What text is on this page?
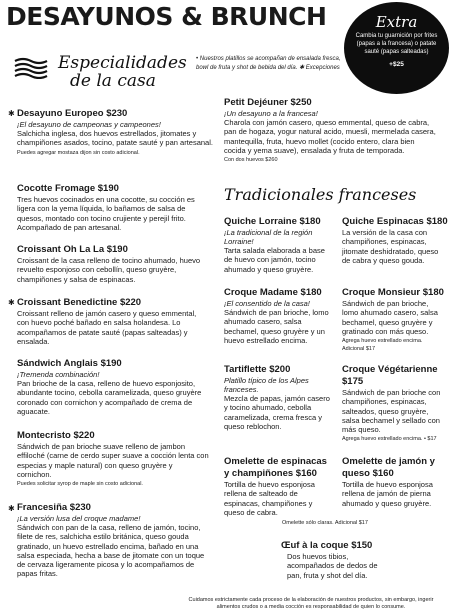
DESAYUNOS & BRUNCH
Especialidades
de la casa
• Nuestros platillos se acompañan de ensalada fresca, bowl de fruta y shot de bebida del día. ✱ Excepciones
Extra
Cambia tu guarnición por frites (papas a la francesa) o patate sauté (papas salteadas)
+$25
✱ Desayuno Europeo $230
¡El desayuno de campeonas y campeones!
Salchicha inglesa, dos huevos estrellados, jitomates y champiñones asados, tocino, patate sauté y pan artesanal.
Puedes agregar mostaza dijon sin costo adicional.
Cocotte Fromage $190
Tres huevos cocinados en una cocotte, su cocción es ligera con la yema líquida, lo bañamos de salsa de quesos, montado con tocino crujiente y perejil frito. Acompañado de pan artesanal.
Croissant Oh La La $190
Croissant de la casa relleno de tocino ahumado, huevo revuelto esponjoso con cebollín, queso gruyère, champiñones y salsa de espinacas.
✱ Croissant Benedictine $220
Croissant relleno de jamón casero y queso emmental, con huevo poché bañado en salsa holandesa. Lo acompañamos de patate sauté (papas salteadas) y ensalada.
Sándwich Anglais $190
¡Tremenda combinación!
Pan brioche de la casa, relleno de huevo esponjosito, abundante tocino, cebolla caramelizada, queso gruyère coronado con cornichon y acompañado de crema de aguacate.
Montecristo $220
Sándwich de pan brioche suave relleno de jambon effiloché (carne de cerdo super suave a cocción lenta con especias y maple natural) con queso gruyère y cornichon.
Puedes solicitar syrop de maple sin costo adicional.
✱ Francesiña $230
¡La versión lusa del croque madame!
Sándwich con pan de la casa, relleno de jamón, tocino, filete de res, salchicha estilo británica, queso gouda gratinado, un huevo estrellado encima, bañado en una salsa especiada, hecha a base de jitomate con un toque de cervaza ligeramente picosa y lo acompañamos de papas fritas.
Petit Dejéuner $250
¡Un desayuno a la francesa!
Charola con jamón casero, queso emmental, queso de cabra, pan de hogaza, yogur natural acido, muesli, mermelada casera, mantequilla, fruta, huevo mollet (cocido entero, clara bien cocida y yema suave), ensalada y fruta de temporada.
Con dos huevos $260
Tradicionales franceses
Quiche Lorraine $180
¡La tradicional de la región Lorraine!
Tarta salada elaborada a base de huevo con jamón, tocino ahumado y queso gruyère.
Quiche Espinacas $180
La versión de la casa con champiñones, espinacas, jitomate deshidratado, queso de cabra y queso gouda.
Croque Madame $180
¡El consentido de la casa!
Sándwich de pan brioche, lomo ahumado casero, salsa bechamel, queso gruyère y un huevo estrellado encima.
Croque Monsieur $180
Sándwich de pan brioche, lomo ahumado casero, salsa bechamel, queso gruyère y gratinado con más queso.
Agrega huevo estrellado encima. Adicional $17
Tartiflette $200
Platillo típico de los Alpes franceses.
Mezcla de papas, jamón casero y tocino ahumado, cebolla caramelizada, crema fresca y queso reblochon.
Croque Végétarienne $175
Sándwich de pan brioche con champiñones, espinacas, salteados, queso gruyère, salsa bechamel y sellado con más queso.
Agrega huevo estrellado encima. • $17
Omelette de espinacas y champiñones $160
Tortilla de huevo esponjosa rellena de salteado de espinacas, champiñones y queso de cabra.
Omelette de jamón y queso $160
Tortilla de huevo esponjosa rellena de jamón de pierna ahumado y queso gruyère.
Omelette sólo claras. Adicional $17
Œuf à la coque $150
Dos huevos tibios, acompañados de dedos de pan, fruta y shot del día.
Cuidamos estrictamente cada proceso de la elaboración de nuestros productos, sin embargo, ingerir alimentos crudos o a media cocción es responsabilidad de quien lo consume.
